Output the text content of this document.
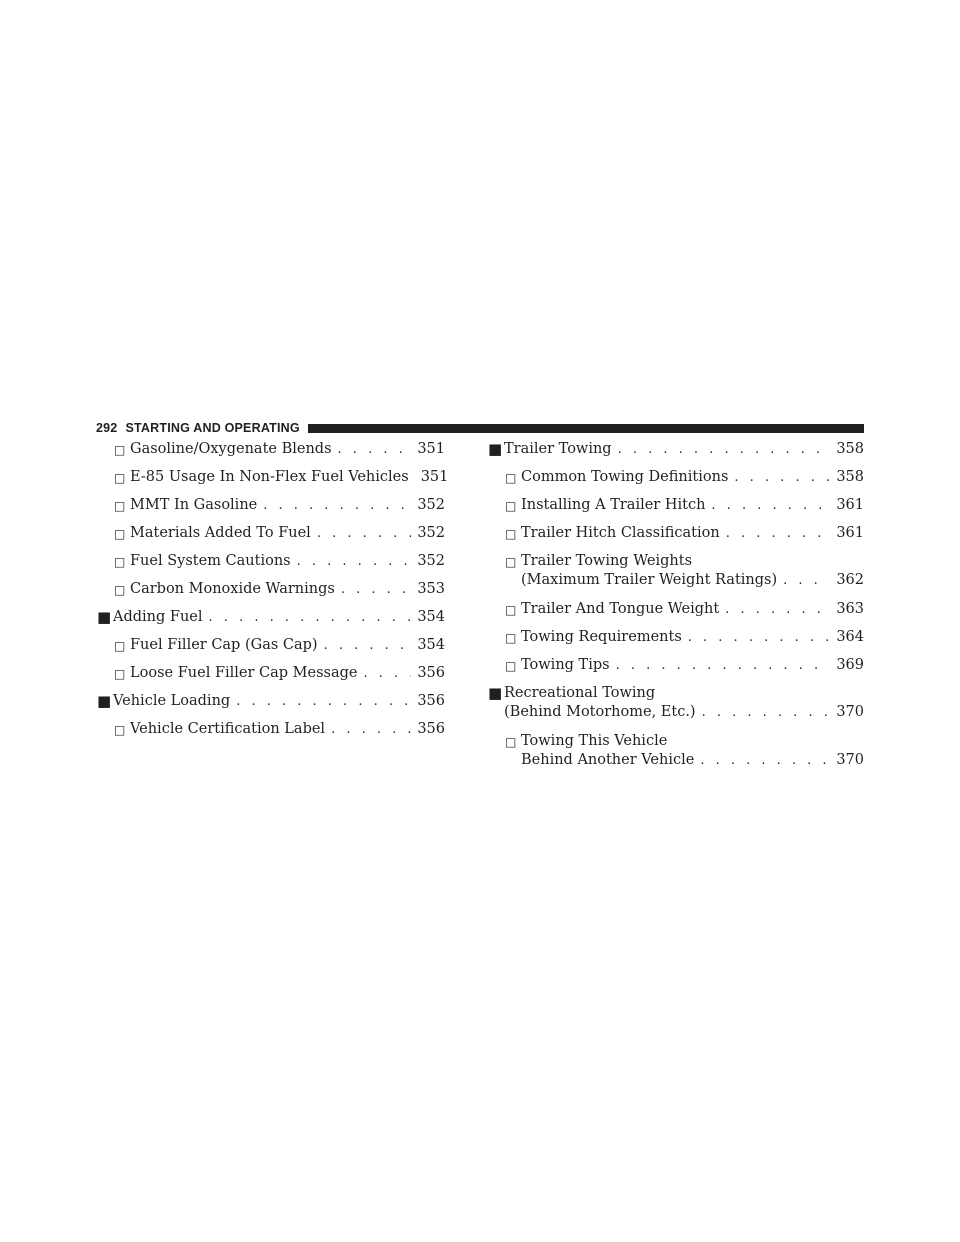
292 STARTING AND OPERATING
□ Gasoline/Oxygenate Blends . . .	351
□ E-85 Usage In Non-Flex Fuel Vehicles 351
□ MMT In Gasoline . . .	352
□ Materials Added To Fuel . . .	352
□ Fuel System Cautions . . .	352
□ Carbon Monoxide Warnings . . .	353
■ Adding Fuel . . .	354
□ Fuel Filler Cap (Gas Cap) . . .	354
□ Loose Fuel Filler Cap Message . . .	356
■ Vehicle Loading . . .	356
□ Vehicle Certification Label . . .	356
■ Trailer Towing . . .	358
□ Common Towing Definitions . . .	358
□ Installing A Trailer Hitch . . .	361
□ Trailer Hitch Classification . . .	361
□ Trailer Towing Weights
(Maximum Trailer Weight Ratings) . . .	362
□ Trailer And Tongue Weight . . .	363
□ Towing Requirements . . .	364
□ Towing Tips . . .	369
■ Recreational Towing
(Behind Motorhome, Etc.) . . .	370
□ Towing This Vehicle
Behind Another Vehicle . . .	370
